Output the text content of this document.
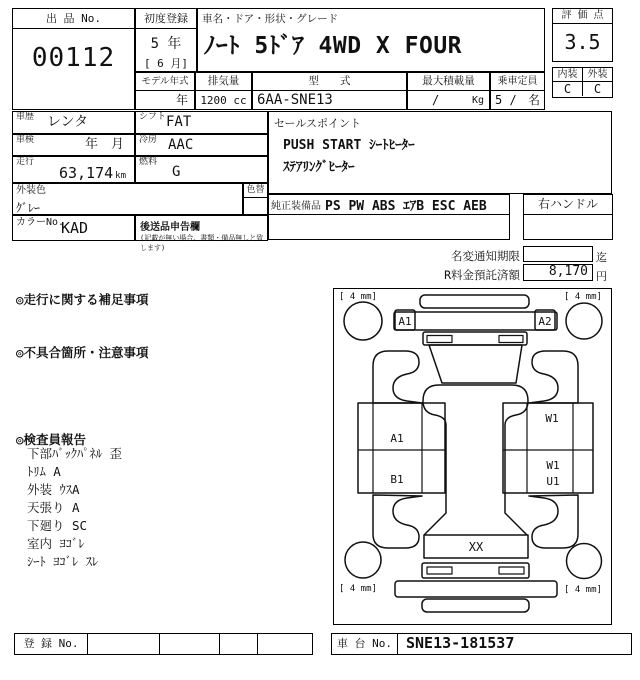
出 品 No.
00112
初度登録
5 年
[ 6 月]
車名・ドア・形状・グレード
ﾉｰﾄ 5ﾄﾞｱ 4WD X FOUR
モデル年式
年
排気量
1200 cc
型　　式
6AA-SNE13
最大積載量
/	Kg
乗車定員
5 / 名
評 価 点
3.5
内装	外装
C	C
車歴 レンタ	シフト FAT
車検	年　月	冷房 AAC
走行
63,174 km
燃料
G
外装色
ｸﾞﾚｰ
色替
カラーNo.
KAD	後送品申告欄
(記載が無い場合、書類・備品無しと致します)
セールスポイント
PUSH START ｼｰﾄﾋｰﾀｰ
ｽﾃｱﾘﾝｸﾞﾋｰﾀｰ
純正装備品 PS PW ABS ｴｱB ESC AEB	右ハンドル
名変通知期限	迄
R料金預託済額	8,170 円
◎走行に関する補足事項
◎不具合箇所・注意事項
◎検査員報告
下部ﾊﾞｯｸﾊﾟﾈﾙ 歪
ﾄﾘﾑ A
外装 ｳｽA
天張り A
下廻り SC
室内 ﾖｺﾞﾚ
ｼｰﾄ ﾖｺﾞﾚ ｽﾚ
[ 4 mm]	[ 4 mm]
[ 4 mm]	[ 4 mm]
A1	A2
A1
B1
W1
W1
U1
XX
登 録 No.	車 台 No. SNE13-181537
